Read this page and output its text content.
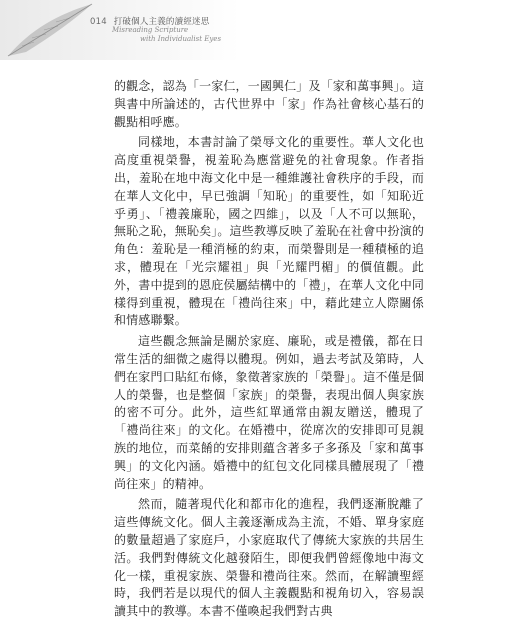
014 打破個人主義的讀經迷思
Misreading Scripture
with Individualist Eyes

的觀念，認為「一家仁，一國興仁」及「家和萬事興」。這與書中所論述的，古代世界中「家」作為社會核心基石的觀點相呼應。

同樣地，本書討論了榮辱文化的重要性。華人文化也高度重視榮譽，視羞恥為應當避免的社會現象。作者指出，羞恥在地中海文化中是一種維護社會秩序的手段，而在華人文化中，早已強調「知恥」的重要性，如「知恥近乎勇」、「禮義廉恥，國之四維」，以及「人不可以無恥，無恥之恥，無恥矣」。這些教導反映了羞恥在社會中扮演的角色：羞恥是一種消極的約束，而榮譽則是一種積極的追求，體現在「光宗耀祖」與「光耀門楣」的價值觀。此外，書中提到的恩庇侯屬結構中的「禮」，在華人文化中同樣得到重視，體現在「禮尚往來」中，藉此建立人際關係和情感聯繫。

這些觀念無論是關於家庭、廉恥，或是禮儀，都在日常生活的細微之處得以體現。例如，過去考試及第時，人們在家門口貼紅布條，象徵著家族的「榮譽」。這不僅是個人的榮譽，也是整個「家族」的榮譽，表現出個人與家族的密不可分。此外，這些紅單通常由親友贈送，體現了「禮尚往來」的文化。在婚禮中，從席次的安排即可見親族的地位，而菜餚的安排則蘊含著多子多孫及「家和萬事興」的文化內涵。婚禮中的紅包文化同樣具體展現了「禮尚往來」的精神。

然而，隨著現代化和都市化的進程，我們逐漸脫離了這些傳統文化。個人主義逐漸成為主流，不婚、單身家庭的數量超過了家庭戶，小家庭取代了傳統大家族的共居生活。我們對傳統文化越發陌生，即便我們曾經像地中海文化一樣，重視家族、榮譽和禮尚往來。然而，在解讀聖經時，我們若是以現代的個人主義觀點和視角切入，容易誤讀其中的教導。本書不僅喚起我們對古典
